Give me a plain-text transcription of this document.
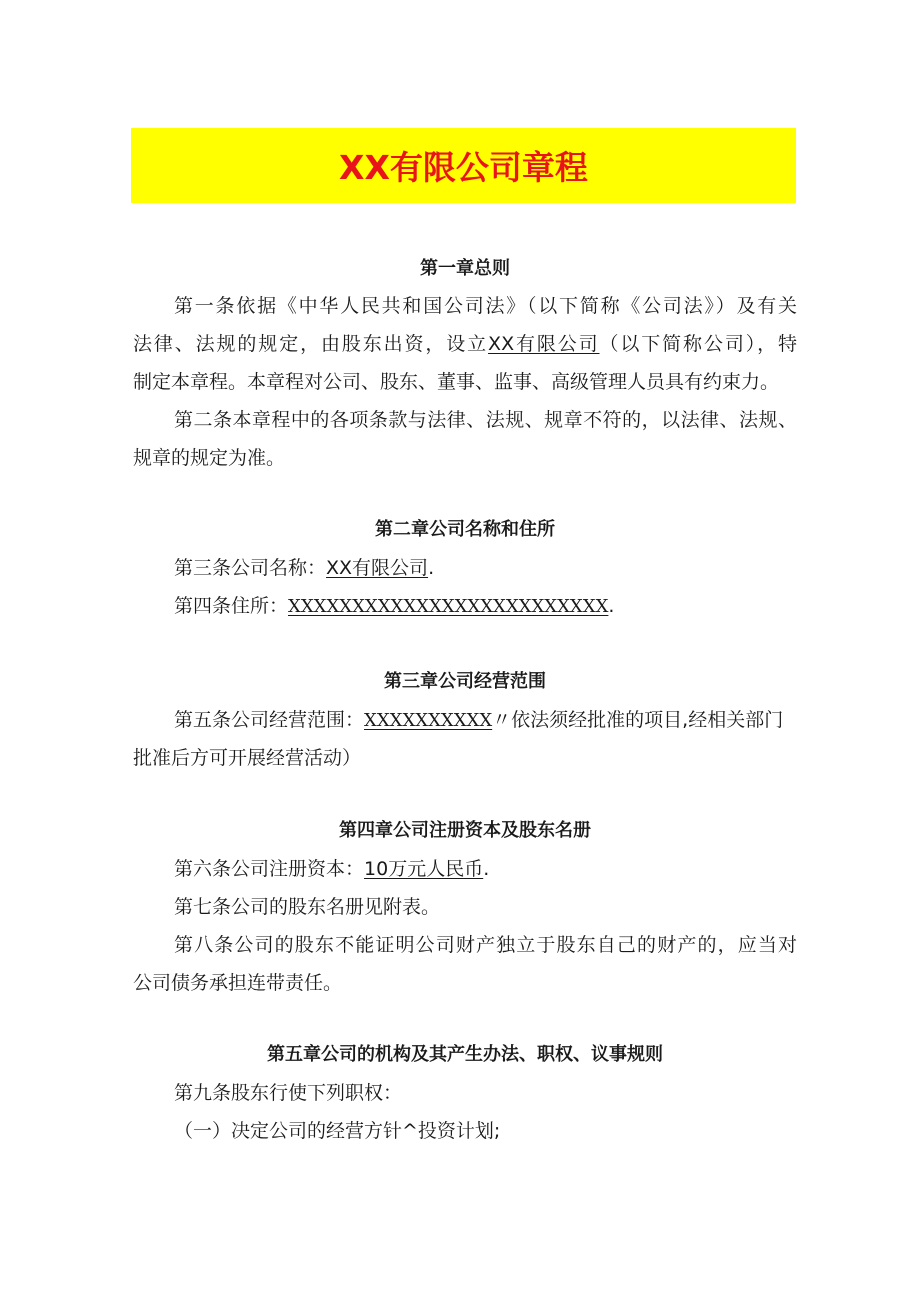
XX有限公司章程
第一章总则
第一条依据《中华人民共和国公司法》（以下简称《公司法》）及有关
法律、法规的规定，由股东出资，设立XX有限公司（以下简称公司），特
制定本章程。本章程对公司、股东、董事、监事、高级管理人员具有约束力。
第二条本章程中的各项条款与法律、法规、规章不符的，以法律、法规、
规章的规定为准。
第二章公司名称和住所
第三条公司名称：XX有限公司.
第四条住所：XXXXXXXXXXXXXXXXXXXXXXXXX.
第三章公司经营范围
第五条公司经营范围：XXXXXXXXXX〃依法须经批准的项目,经相关部门
批准后方可开展经营活动）
第四章公司注册资本及股东名册
第六条公司注册资本：10万元人民币.
第七条公司的股东名册见附表。
第八条公司的股东不能证明公司财产独立于股东自己的财产的，应当对
公司债务承担连带责任。
第五章公司的机构及其产生办法、职权、议事规则
第九条股东行使下列职权：
（一）决定公司的经营方针^投资计划;
